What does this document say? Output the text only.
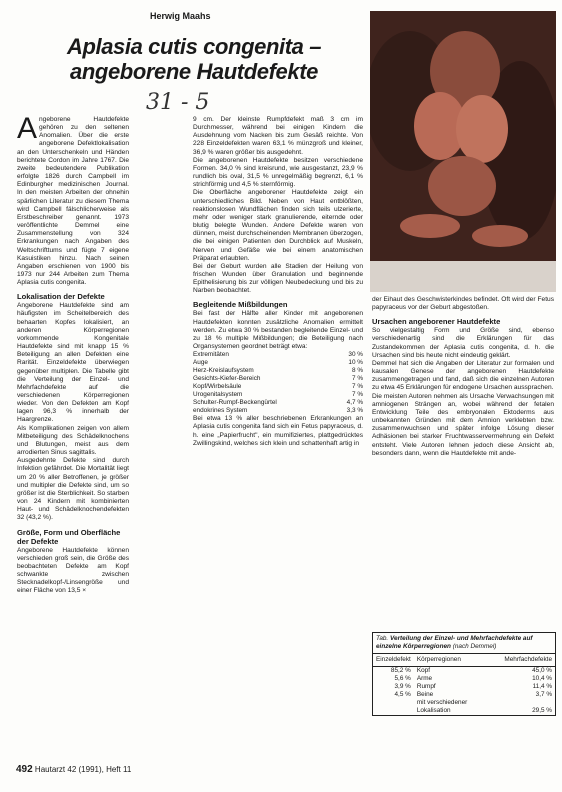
Herwig Maahs
Aplasia cutis congenita –
angeborene Hautdefekte
31 - 5

Angeborene Hautdefekte gehören zu den seltenen Anomalien. Über die erste angeborene Defektlokalisation an den Unterschenkeln und Händen berichtete Cordon im Jahre 1767. Die zweite bedeutendere Publikation erfolgte 1826 durch Campbell im Edinburgher medizinischen Journal. In den meisten Arbeiten der ohnehin spärlichen Literatur zu diesem Thema wird Campbell fälschlicherweise als Erstbeschreiber genannt. 1973 veröffentlichte Demmel eine Zusammenstellung von 324 Erkrankungen nach Angaben des Weltschrifttums und fügte 7 eigene Kasuistiken hinzu. Nach seinen Angaben erschienen von 1900 bis 1973 nur 244 Arbeiten zum Thema Aplasia cutis congenita.

Lokalisation der Defekte

Angeborene Hautdefekte sind am häufigsten im Scheitelbereich des behaarten Kopfes lokalisiert, an anderen Körperregionen vorkommende Kongenitale Hautdefekte sind mit knapp 15 % Beteiligung an allen Defekten eine Rarität. Einzeldefekte überwiegen gegenüber multiplen. Die Tabelle gibt die Verteilung der Einzel- und Mehrfachdefekte auf die verschiedenen Körperregionen wieder. Von den Defekten am Kopf lagen 96,3 % innerhalb der Haargrenze.

Als Komplikationen zeigen von allem Mitbeteiligung des Schädelknochens und Blutungen, meist aus dem arrodierten Sinus sagittalis.

Ausgedehnte Defekte sind durch Infektion gefährdet. Die Mortalität liegt um 20 % aller Betroffenen, je größer und multipler die Defekte sind, um so größer ist die Sterblichkeit. So starben von 24 Kindern mit kombinierten Haut- und Schädelknochendefekten 32 (43,2 %).

Größe, Form und Oberfläche der Defekte

Angeborene Hautdefekte können verschieden groß sein, die Größe des beobachteten Defekte am Kopf schwankte zwischen Stecknadelkopf-/Linsengröße und einer Fläche von 13,5 ×

9 cm. Der kleinste Rumpfdefekt maß 3 cm im Durchmesser, während bei einigen Kindern die Ausdehnung vom Nacken bis zum Gesäß reichte. Von 228 Einzeldefekten waren 63,1 % münzgroß und kleiner, 36,9 % waren größer bis ausgedehnt.

Die angeborenen Hautdefekte besitzen verschiedene Formen. 34,0 % sind kreisrund, wie ausgestanzt, 23,9 % rundlich bis oval, 31,5 % unregelmäßig begrenzt, 6,1 % strichförmig und 4,5 % sternförmig.

Die Oberfläche angeborener Hautdefekte zeigt ein unterschiedliches Bild. Neben von Haut entblößten, reaktionslosen Wundflächen finden sich teils ulzerierte, mehr oder weniger stark granulierende, eiternde oder blutig belegte Wunden. Andere Defekte waren von dünnen, meist durchscheinenden Membranen überzogen, die bei einigen Patienten den Durchblick auf Muskeln, Nerven und Gefäße wie bei einem anatomischen Präparat erlaubten.

Bei der Geburt wurden alle Stadien der Heilung von frischen Wunden über Granulation und beginnende Epithelisierung bis zur völligen Neubedeckung und bis zu Narben beobachtet.

Begleitende Mißbildungen

Bei fast der Hälfte aller Kinder mit angeborenen Hautdefekten konnten zusätzliche Anomalien ermittelt werden. Zu etwa 30 % bestanden begleitende Einzel- und zu 18 % multiple Mißbildungen; die Beteiligung nach Organsystemen geordnet beträgt etwa:

Extremitäten	30 %
Auge	10 %
Herz-Kreislaufsystem	8 %
Gesichts-Kiefer-Bereich	7 %
Kopf/Wirbelsäule	7 %
Urogenitalsystem	7 %
Schulter-Rumpf-Beckengürtel	4,7 %
endokrines System	3,3 %

Bei etwa 13 % aller beschriebenen Erkrankungen an Aplasia cutis congenita fand sich ein Fetus papyraceus, d. h. eine „Papierfrucht", ein mumifiziertes, plattgedrücktes Zwillingskind, welches sich klein und schattenhaft artig in

der Eihaut des Geschwisterkindes befindet. Oft wird der Fetus papyraceus vor der Geburt abgestoßen.

Ursachen angeborener Hautdefekte

So vielgestaltig Form und Größe sind, ebenso verschiedenartig sind die Erklärungen für das Zustandekommen der Aplasia cutis congenita, d. h. die Ursachen sind bis heute nicht eindeutig geklärt.

Demmel hat sich die Angaben der Literatur zur formalen und kausalen Genese der angeborenen Hautdefekte zusammengetragen und fand, daß sich die einzelnen Autoren zu etwa 45 Erklärungen für endogene Ursachen aussprachen.

Die meisten Autoren nehmen als Ursache Verwachsungen mit amniogenen Strängen an, wobei während der fetalen Entwicklung Teile des embryonalen Ektoderms aus unbekannten Gründen mit dem Amnion verklebten bzw. zusammenwuchsen und später infolge Lösung dieser Adhäsionen bei starker Fruchtwasservermehrung ein Defekt entsteht. Viele Autoren lehnen jedoch diese Ansicht ab, besonders dann, wenn die Hautdefekte mit ande-

Tab. Verteilung der Einzel- und Mehrfachdefekte auf einzelne Körperregionen (nach Demmel)
Einzeldefekt	Körperregionen	Mehrfachdefekte
85,2 %	Kopf	45,0 %
5,6 %	Arme	10,4 %
3,9 %	Rumpf	11,4 %
4,5 %	Beine	3,7 %
	mit verschiedener Lokalisation	29,5 %
492 Hautarzt 42 (1991), Heft 11
